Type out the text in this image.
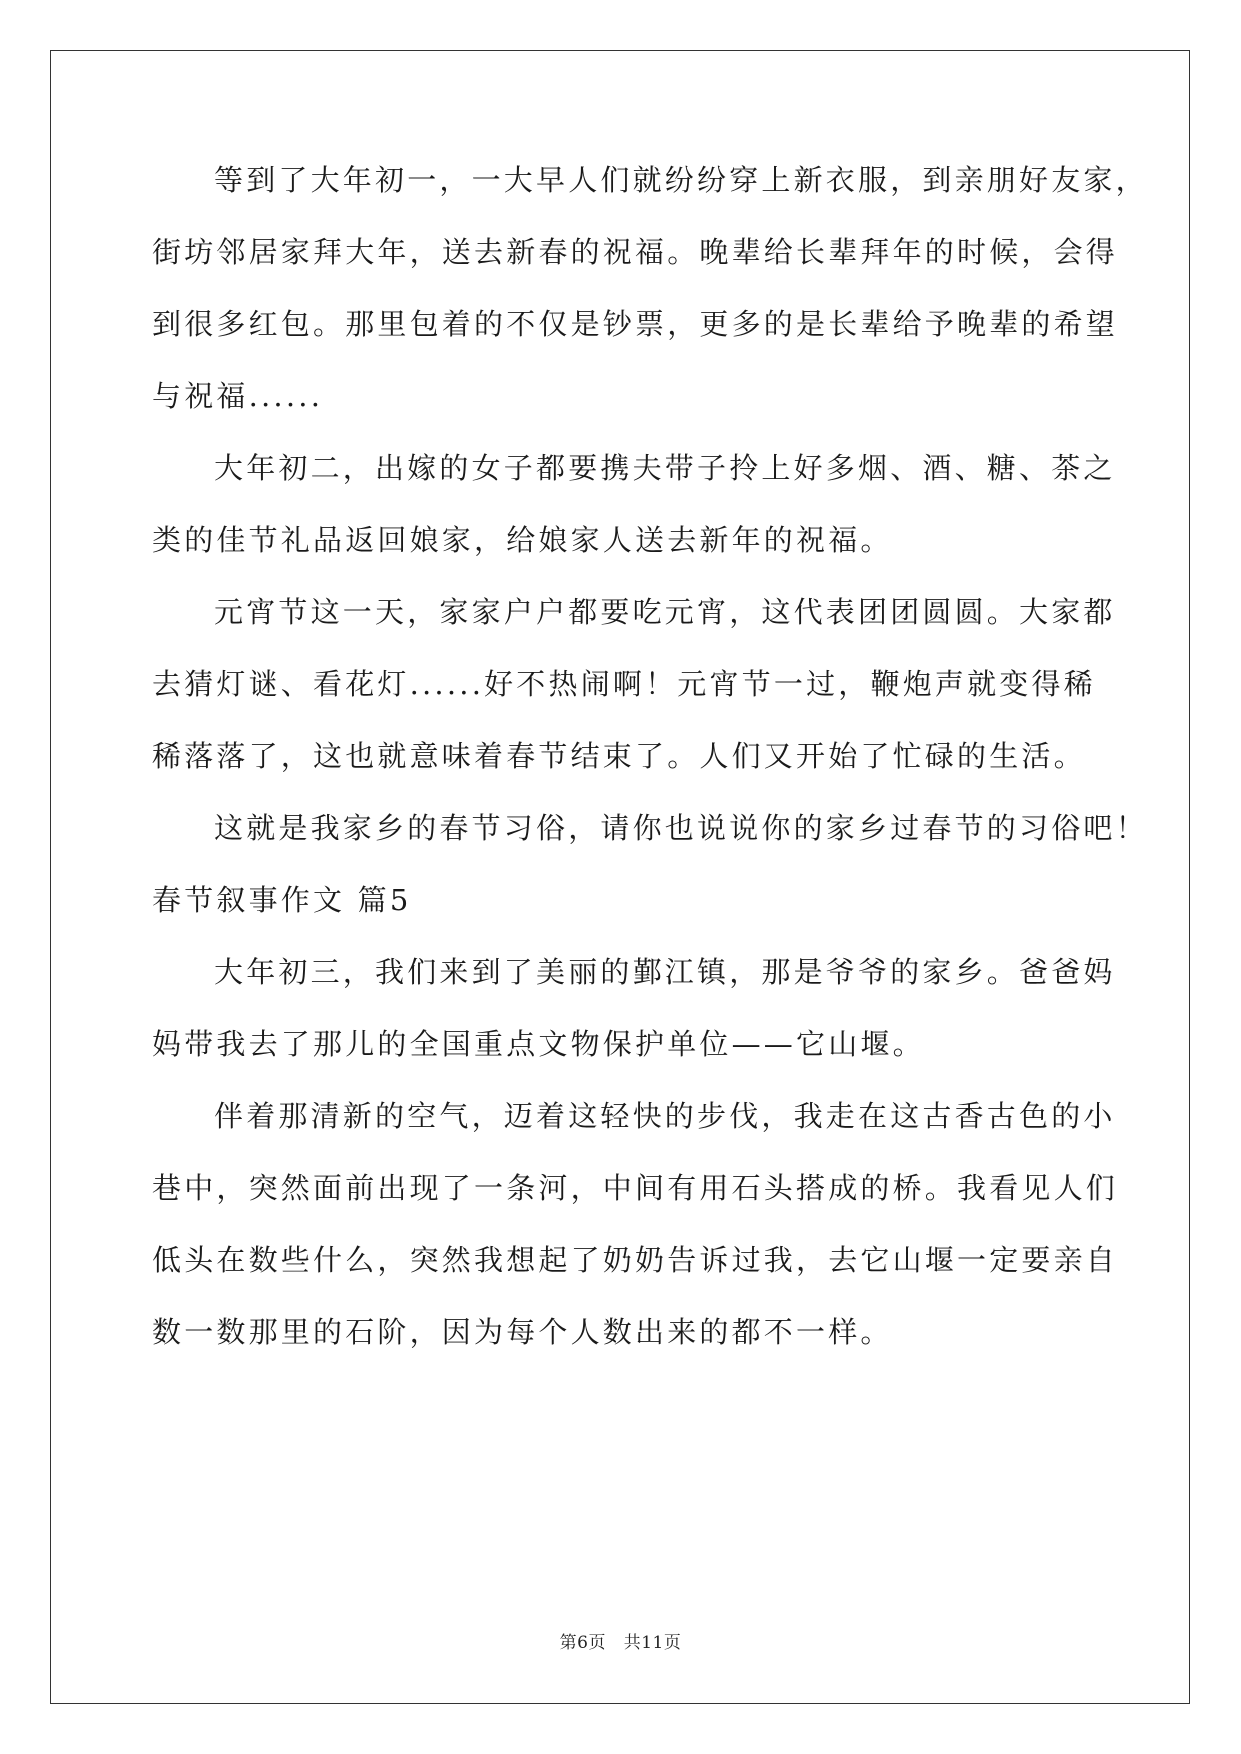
等到了大年初一，一大早人们就纷纷穿上新衣服，到亲朋好友家，
街坊邻居家拜大年，送去新春的祝福。晚辈给长辈拜年的时候，会得
到很多红包。那里包着的不仅是钞票，更多的是长辈给予晚辈的希望
与祝福......
大年初二，出嫁的女子都要携夫带子拎上好多烟、酒、糖、茶之
类的佳节礼品返回娘家，给娘家人送去新年的祝福。
元宵节这一天，家家户户都要吃元宵，这代表团团圆圆。大家都
去猜灯谜、看花灯......好不热闹啊！元宵节一过，鞭炮声就变得稀
稀落落了，这也就意味着春节结束了。人们又开始了忙碌的生活。
这就是我家乡的春节习俗，请你也说说你的家乡过春节的习俗吧！
春节叙事作文 篇5
大年初三，我们来到了美丽的鄞江镇，那是爷爷的家乡。爸爸妈
妈带我去了那儿的全国重点文物保护单位——它山堰。
伴着那清新的空气，迈着这轻快的步伐，我走在这古香古色的小
巷中，突然面前出现了一条河，中间有用石头搭成的桥。我看见人们
低头在数些什么，突然我想起了奶奶告诉过我，去它山堰一定要亲自
数一数那里的石阶，因为每个人数出来的都不一样。
第6页 共11页
